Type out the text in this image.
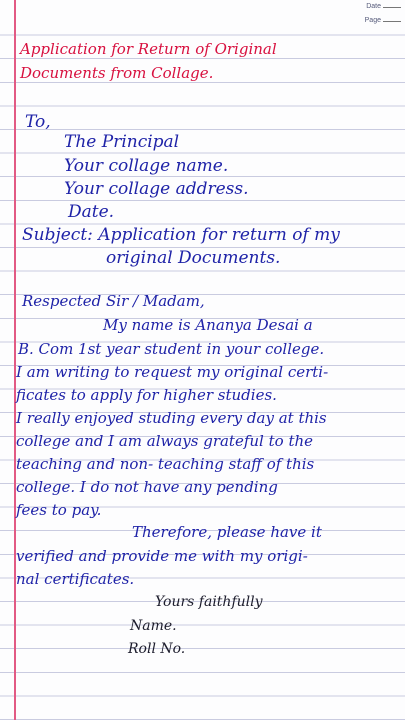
Date
Page
Application for Return of Original
Documents from Collage.
To,
The Principal
Your collage name.
Your collage address.
Date.
Subject: Application for return of my
original Documents.
Respected Sir / Madam,
My name is Ananya Desai a
B. Com 1st year student in your college.
I am writing to request my original certi-
ficates to apply for higher studies.
I really enjoyed studing every day at this
college and I am always grateful to the
teaching and non- teaching staff of this
college. I do not have any pending
fees to pay.
Therefore, please have it
verified and provide me with my origi-
nal certificates.
Yours faithfully
Name.
Roll No.
